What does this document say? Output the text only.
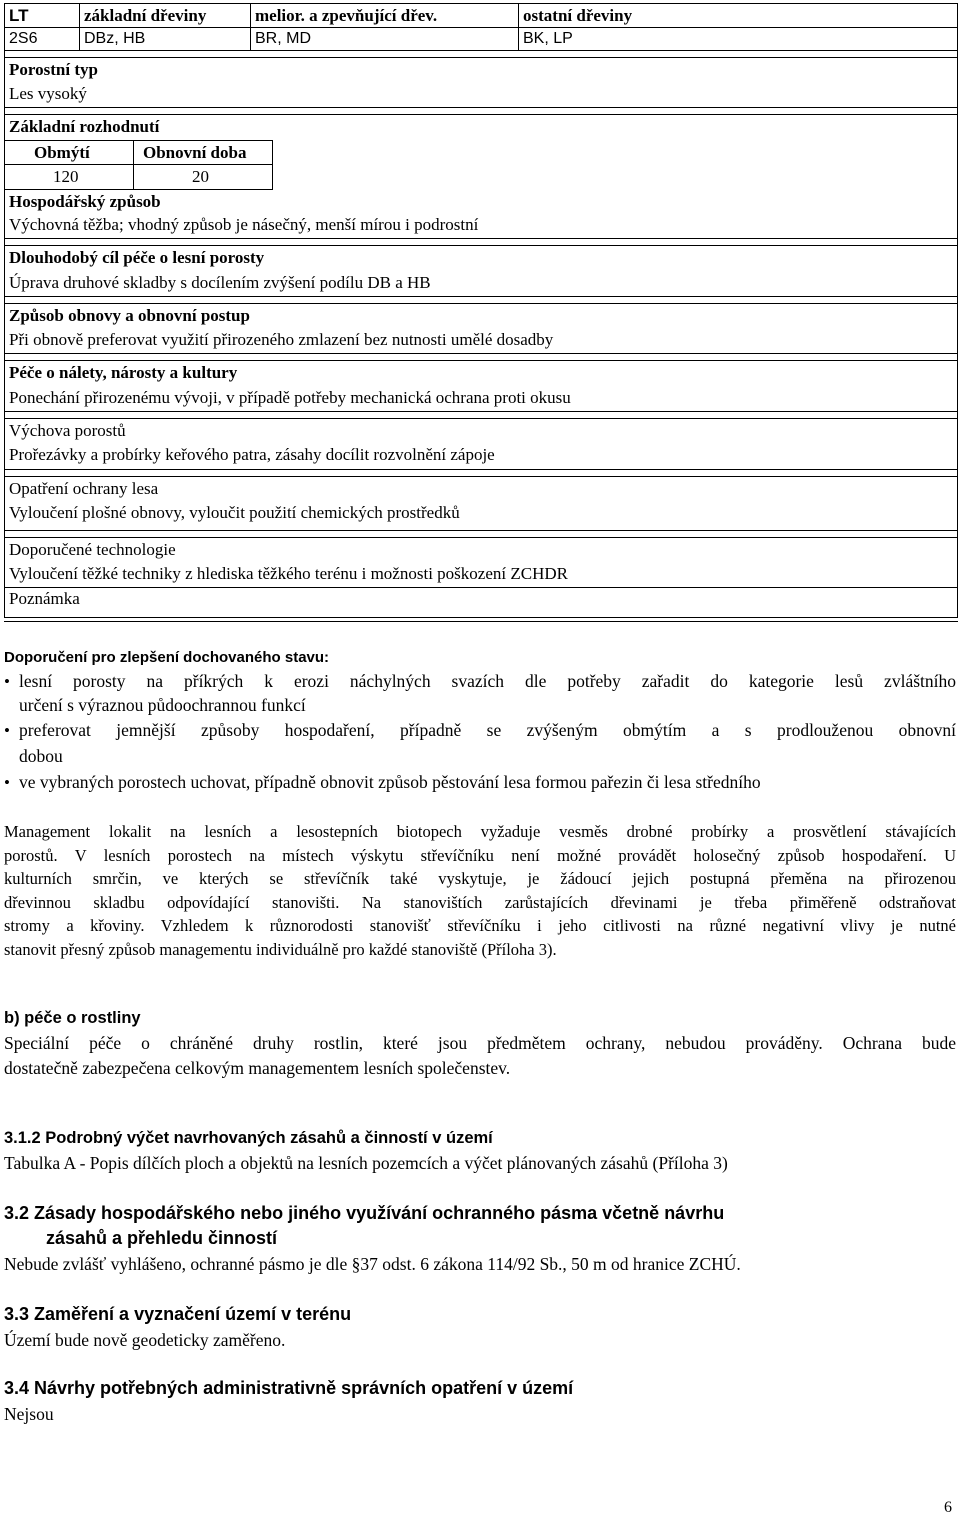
LT	základní dřeviny	melior. a zpevňující dřev.	ostatní dřeviny
2S6	DBz, HB	BR, MD	BK, LP
Porostní typ
Les vysoký
Základní rozhodnutí
Obmýtí	Obnovní doba
120	20
Hospodářský způsob
Výchovná těžba; vhodný způsob je násečný, menší mírou i podrostní
Dlouhodobý cíl péče o lesní porosty
Úprava druhové skladby s docílením zvýšení podílu DB a HB
Způsob obnovy a obnovní postup
Při obnově preferovat využití přirozeného zmlazení bez nutnosti umělé dosadby
Péče o nálety, nárosty a kultury
Ponechání přirozenému vývoji, v případě potřeby mechanická ochrana proti okusu
Výchova porostů
Prořezávky a probírky keřového patra, zásahy docílit rozvolnění zápoje
Opatření ochrany lesa
Vyloučení plošné obnovy, vyloučit použití chemických prostředků
Doporučené technologie
Vyloučení těžké techniky z hlediska těžkého terénu i možnosti poškození ZCHDR
Poznámka
Doporučení pro zlepšení dochovaného stavu:
• lesní porosty na příkrých k erozi náchylných svazích dle potřeby zařadit do kategorie lesů zvláštního
určení s výraznou půdoochrannou funkcí
• preferovat jemnější způsoby hospodaření, případně se zvýšeným obmýtím a s prodlouženou obnovní
dobou
• ve vybraných porostech uchovat, případně obnovit způsob pěstování lesa formou pařezin či lesa středního
Management lokalit na lesních a lesostepních biotopech vyžaduje vesměs drobné probírky a prosvětlení stávajících
porostů. V lesních porostech na místech výskytu střevíčníku není možné provádět holosečný způsob hospodaření. U
kulturních smrčin, ve kterých se střevíčník také vyskytuje, je žádoucí jejich postupná přeměna na přirozenou
dřevinnou skladbu odpovídající stanovišti. Na stanovištích zarůstajících dřevinami je třeba přiměřeně odstraňovat
stromy a křoviny. Vzhledem k různorodosti stanovišť střevíčníku i jeho citlivosti na různé negativní vlivy je nutné
stanovit přesný způsob managementu individuálně pro každé stanoviště (Příloha 3).
b) péče o rostliny
Speciální péče o chráněné druhy rostlin, které jsou předmětem ochrany, nebudou prováděny. Ochrana bude
dostatečně zabezpečena celkovým managementem lesních společenstev.
3.1.2 Podrobný výčet navrhovaných zásahů a činností v území
Tabulka A - Popis dílčích ploch a objektů na lesních pozemcích a výčet plánovaných zásahů (Příloha 3)
3.2 Zásady hospodářského nebo jiného využívání ochranného pásma včetně návrhu
zásahů a přehledu činností
Nebude zvlášť vyhlášeno, ochranné pásmo je dle §37 odst. 6 zákona 114/92 Sb., 50 m od hranice ZCHÚ.
3.3 Zaměření a vyznačení území v terénu
Území bude nově geodeticky zaměřeno.
3.4 Návrhy potřebných administrativně správních opatření v území
Nejsou
6
